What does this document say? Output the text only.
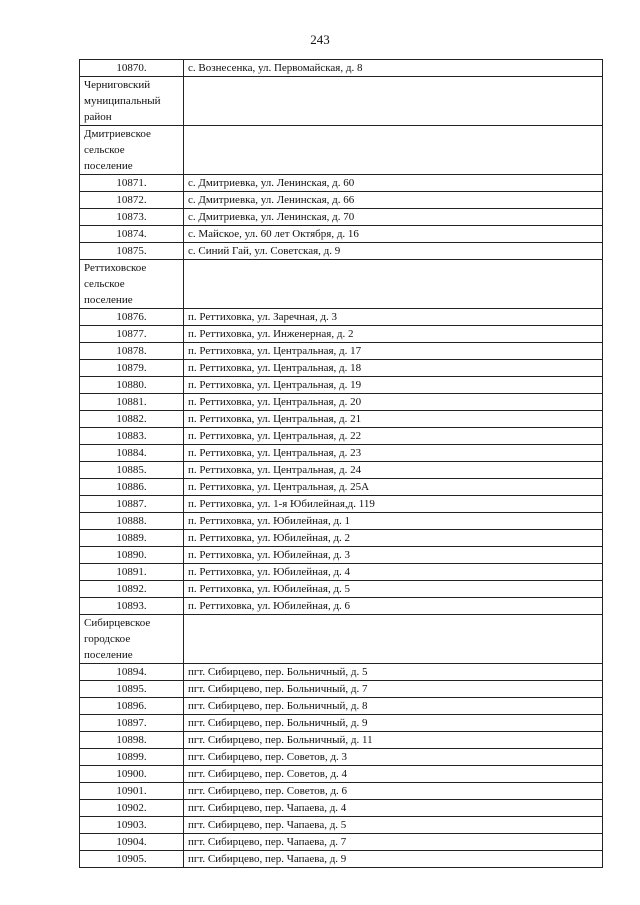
243
10870.	с. Вознесенка, ул. Первомайская, д. 8

Черниговский
муниципальный
район	

Дмитриевское
сельское
поселение	

10871.	с. Дмитриевка, ул. Ленинская, д. 60
10872.	с. Дмитриевка, ул. Ленинская, д. 66
10873.	с. Дмитриевка, ул. Ленинская, д. 70
10874.	с. Майское, ул. 60 лет Октября, д. 16
10875.	с. Синий Гай, ул. Советская, д. 9

Реттиховское
сельское
поселение	

10876.	п. Реттиховка, ул. Заречная, д. 3
10877.	п. Реттиховка, ул. Инженерная, д. 2
10878.	п. Реттиховка, ул. Центральная, д. 17
10879.	п. Реттиховка, ул. Центральная, д. 18
10880.	п. Реттиховка, ул. Центральная, д. 19
10881.	п. Реттиховка, ул. Центральная, д. 20
10882.	п. Реттиховка, ул. Центральная, д. 21
10883.	п. Реттиховка, ул. Центральная, д. 22
10884.	п. Реттиховка, ул. Центральная, д. 23
10885.	п. Реттиховка, ул. Центральная, д. 24
10886.	п. Реттиховка, ул. Центральная, д. 25А
10887.	п. Реттиховка, ул. 1-я Юбилейная,д. 119
10888.	п. Реттиховка, ул. Юбилейная, д. 1
10889.	п. Реттиховка, ул. Юбилейная, д. 2
10890.	п. Реттиховка, ул. Юбилейная, д. 3
10891.	п. Реттиховка, ул. Юбилейная, д. 4
10892.	п. Реттиховка, ул. Юбилейная, д. 5
10893.	п. Реттиховка, ул. Юбилейная, д. 6

Сибирцевское
городское
поселение	

10894.	пгт. Сибирцево, пер. Больничный, д. 5
10895.	пгт. Сибирцево, пер. Больничный, д. 7
10896.	пгт. Сибирцево, пер. Больничный, д. 8
10897.	пгт. Сибирцево, пер. Больничный, д. 9
10898.	пгт. Сибирцево, пер. Больничный, д. 11
10899.	пгт. Сибирцево, пер. Советов, д. 3
10900.	пгт. Сибирцево, пер. Советов, д. 4
10901.	пгт. Сибирцево, пер. Советов, д. 6
10902.	пгт. Сибирцево, пер. Чапаева, д. 4
10903.	пгт. Сибирцево, пер. Чапаева, д. 5
10904.	пгт. Сибирцево, пер. Чапаева, д. 7
10905.	пгт. Сибирцево, пер. Чапаева, д. 9
